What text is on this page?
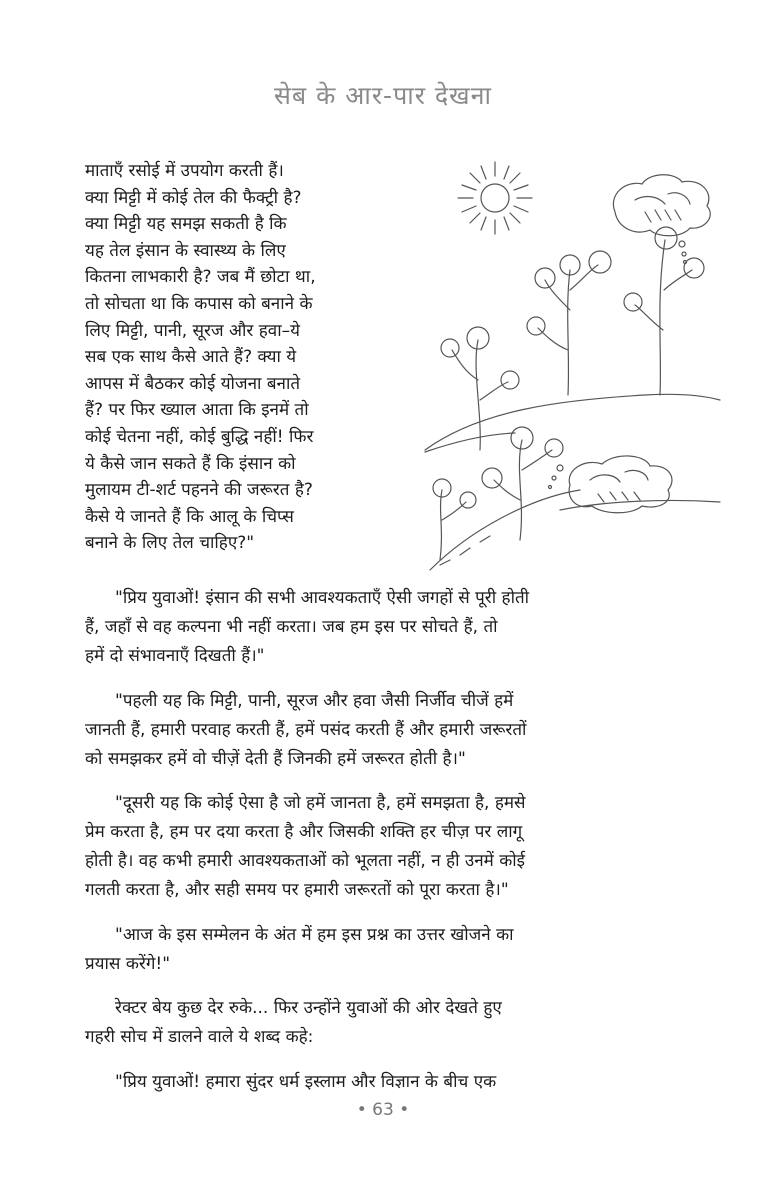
सेब के आर-पार देखना

माताएँ रसोई में उपयोग करती हैं।

क्या मिट्टी में कोई तेल की फैक्ट्री है?

क्या मिट्टी यह समझ सकती है कि

यह तेल इंसान के स्वास्थ्य के लिए

कितना लाभकारी है? जब मैं छोटा था,

तो सोचता था कि कपास को बनाने के

लिए मिट्टी, पानी, सूरज और हवा–ये

सब एक साथ कैसे आते हैं? क्या ये

आपस में बैठकर कोई योजना बनाते

हैं? पर फिर ख्याल आता कि इनमें तो

कोई चेतना नहीं, कोई बुद्धि नहीं! फिर

ये कैसे जान सकते हैं कि इंसान को

मुलायम टी-शर्ट पहनने की जरूरत है?

कैसे ये जानते हैं कि आलू के चिप्स

बनाने के लिए तेल चाहिए?"

"प्रिय युवाओं! इंसान की सभी आवश्यकताएँ ऐसी जगहों से पूरी होती
हैं, जहाँ से वह कल्पना भी नहीं करता। जब हम इस पर सोचते हैं, तो
हमें दो संभावनाएँ दिखती हैं।"

"पहली यह कि मिट्टी, पानी, सूरज और हवा जैसी निर्जीव चीजें हमें
जानती हैं, हमारी परवाह करती हैं, हमें पसंद करती हैं और हमारी जरूरतों
को समझकर हमें वो चीज़ें देती हैं जिनकी हमें जरूरत होती है।"

"दूसरी यह कि कोई ऐसा है जो हमें जानता है, हमें समझता है, हमसे
प्रेम करता है, हम पर दया करता है और जिसकी शक्ति हर चीज़ पर लागू
होती है। वह कभी हमारी आवश्यकताओं को भूलता नहीं, न ही उनमें कोई
गलती करता है, और सही समय पर हमारी जरूरतों को पूरा करता है।"

"आज के इस सम्मेलन के अंत में हम इस प्रश्न का उत्तर खोजने का
प्रयास करेंगे!"

रेक्टर बेय कुछ देर रुके... फिर उन्होंने युवाओं की ओर देखते हुए
गहरी सोच में डालने वाले ये शब्द कहे:

"प्रिय युवाओं! हमारा सुंदर धर्म इस्लाम और विज्ञान के बीच एक

• 63 •
